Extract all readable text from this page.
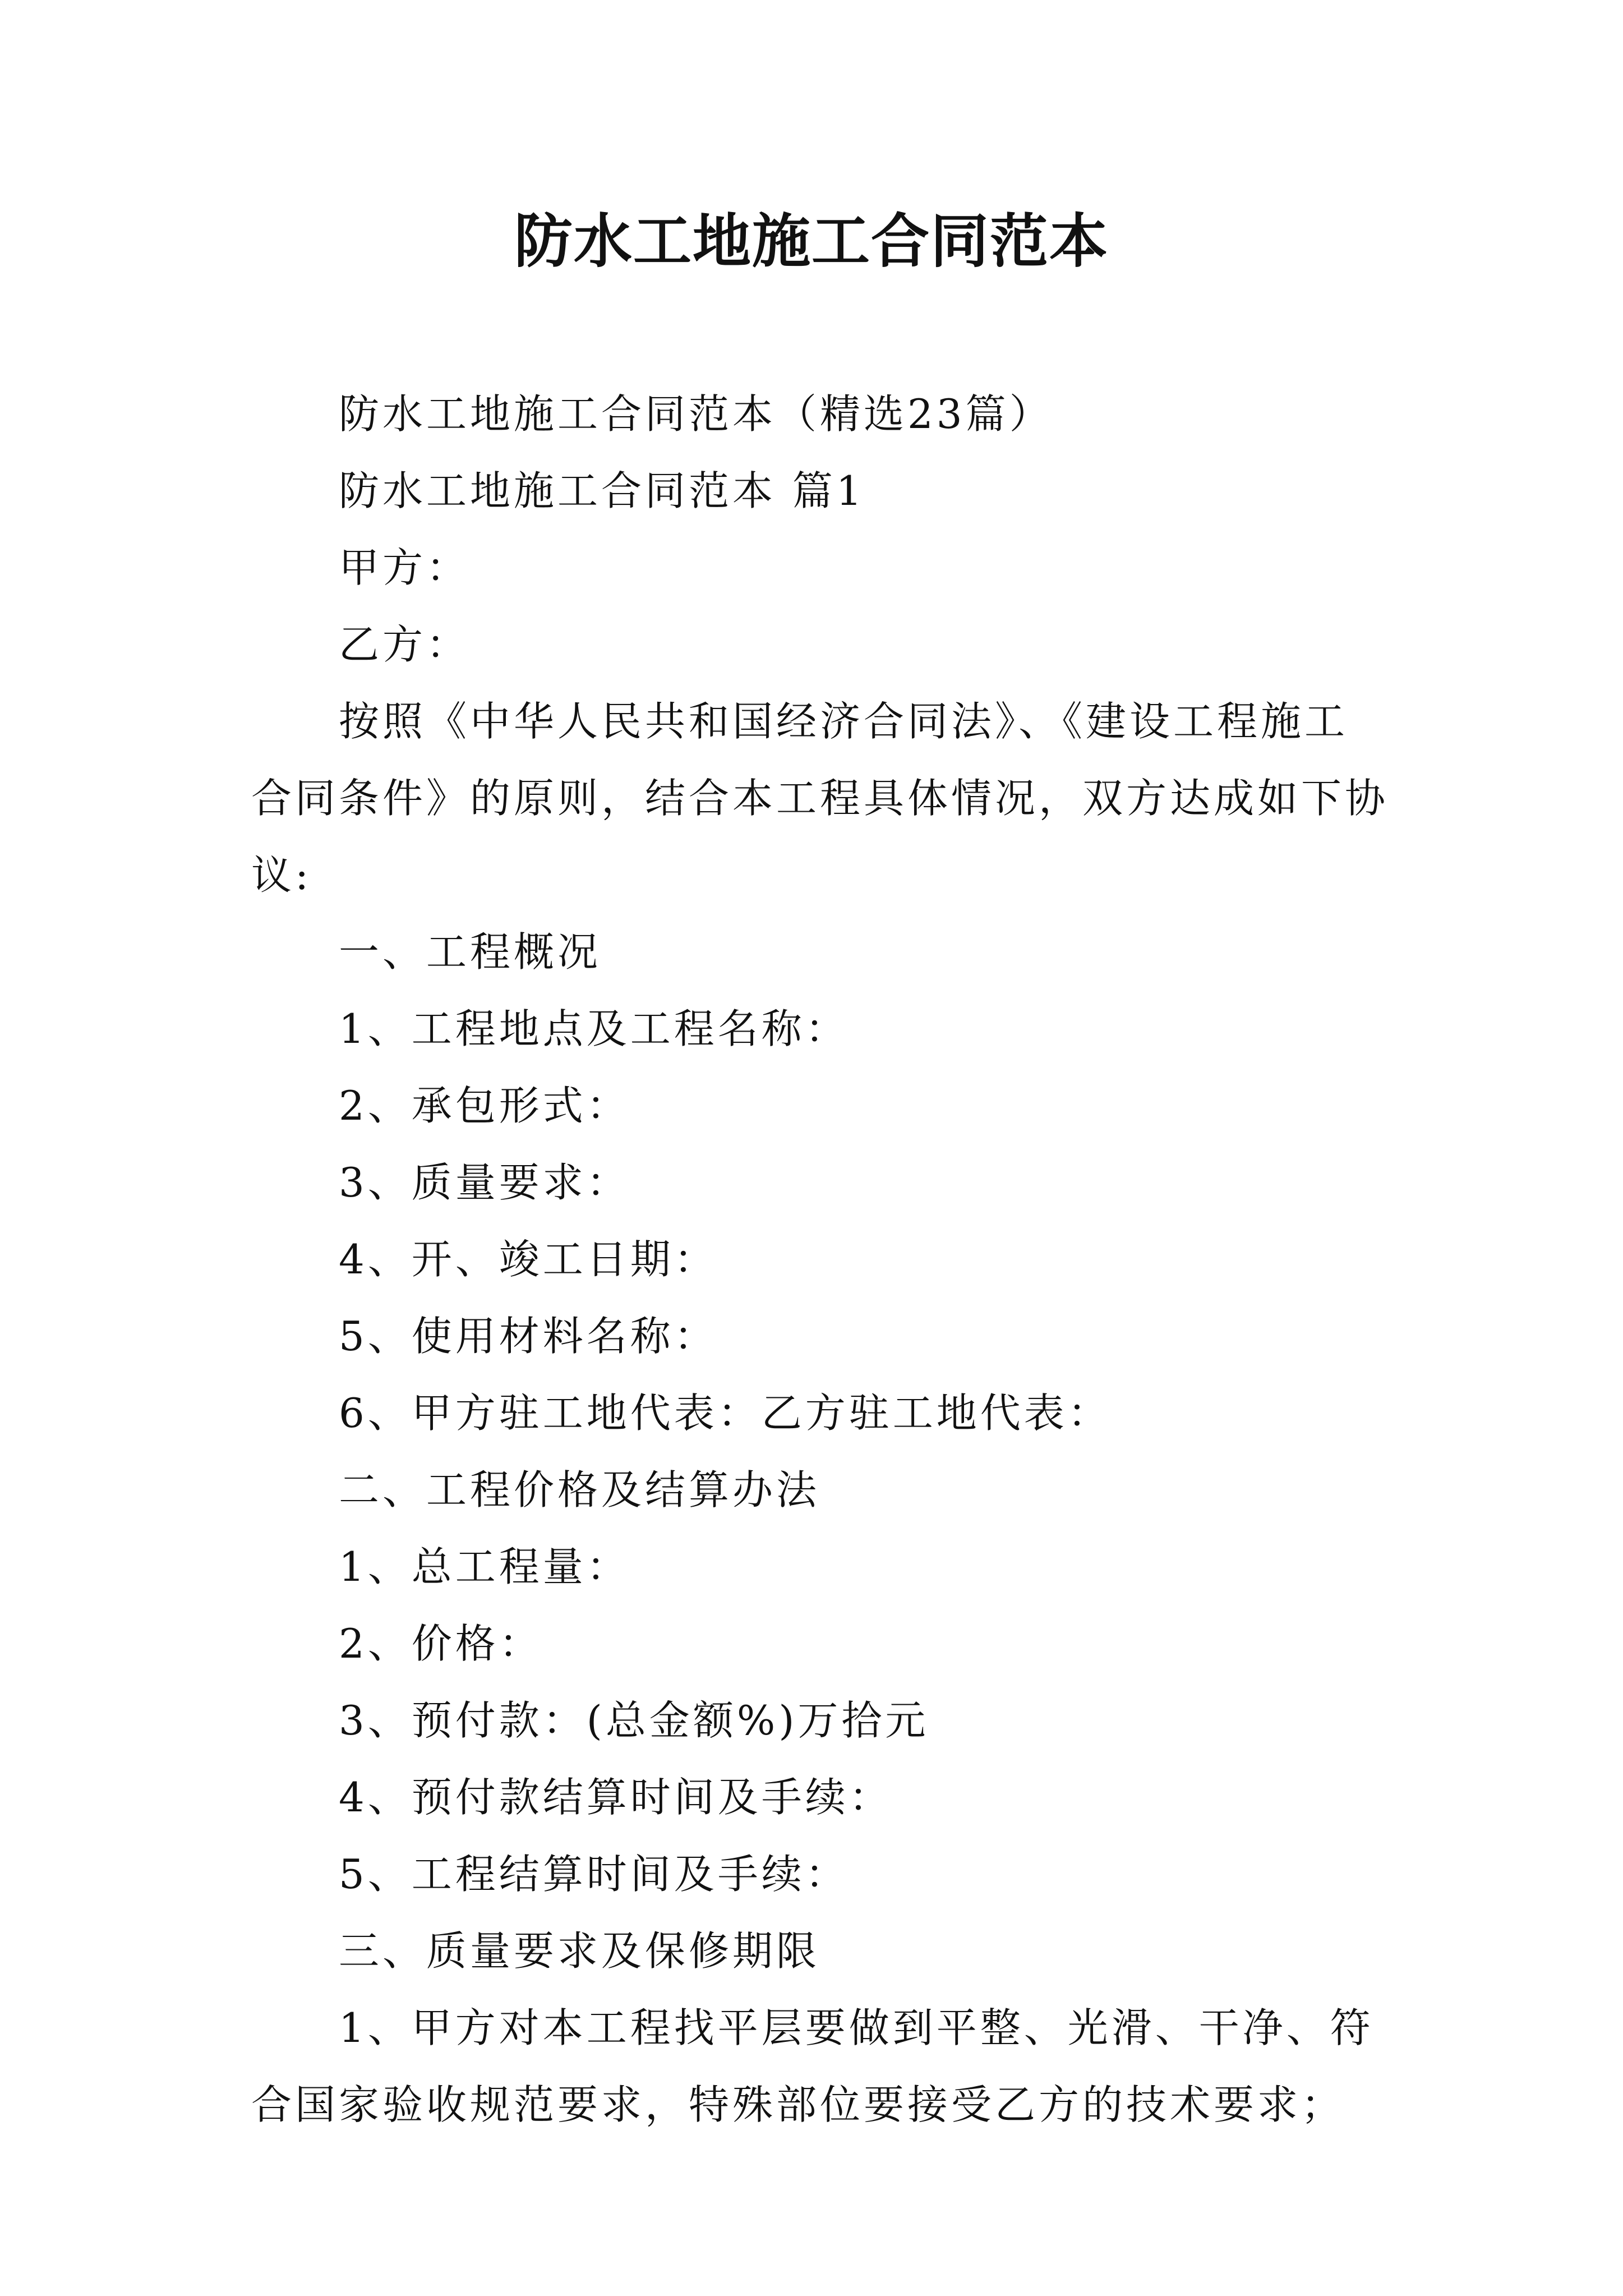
防水工地施工合同范本

防水工地施工合同范本（精选23篇）

防水工地施工合同范本 篇1

甲方：

乙方：

按照《中华人民共和国经济合同法》、《建设工程施工合同条件》的原则，结合本工程具体情况，双方达成如下协议:

一、工程概况

1、工程地点及工程名称：

2、承包形式：

3、质量要求：

4、开、竣工日期：

5、使用材料名称：

6、甲方驻工地代表：乙方驻工地代表：

二、工程价格及结算办法

1、总工程量：

2、价格：

3、预付款：(总金额%)万拾元

4、预付款结算时间及手续：

5、工程结算时间及手续：

三、质量要求及保修期限

1、甲方对本工程找平层要做到平整、光滑、干净、符合国家验收规范要求，特殊部位要接受乙方的技术要求；
